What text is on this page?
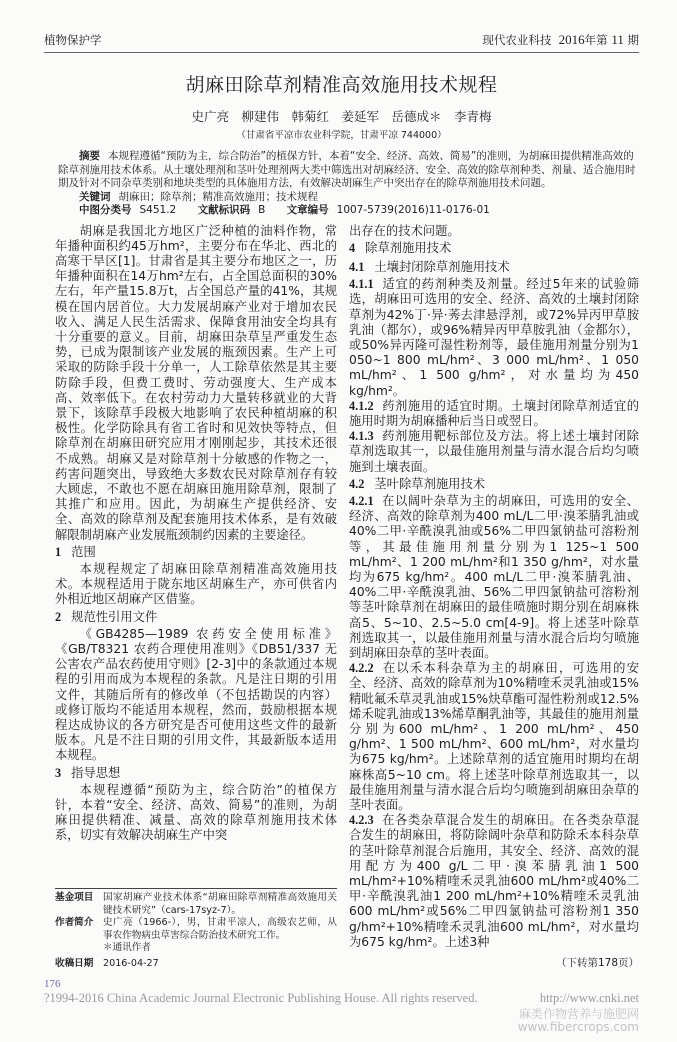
植物保护学	现代农业科技 2016年第 11 期
胡麻田除草剂精准高效施用技术规程
史广亮　柳建伟　韩菊红　姜延军　岳德成＊　李青梅
（甘肃省平凉市农业科学院，甘肃平凉 744000）

摘要 本规程遵循“预防为主，综合防治”的植保方针，本着“安全、经济、高效、简易”的准则，为胡麻田提供精准高效的除草剂施用技术体系。从土壤处理剂和茎叶处理剂两大类中筛选出对胡麻经济、安全、高效的除草剂种类、剂量、适合施用时期及针对不同杂草类别和地块类型的具体施用方法，有效解决胡麻生产中突出存在的除草剂施用技术问题。

关键词 胡麻田；除草剂；精准高效施用；技术规程

中图分类号 S451.2 文献标识码 B 文章编号 1007-5739(2016)11-0176-01

胡麻是我国北方地区广泛种植的油料作物，常年播种面积约45万hm²，主要分布在华北、西北的高寒干旱区[1]。甘肃省是其主要分布地区之一，历年播种面积在14万hm²左右，占全国总面积的30%左右，年产量15.8万t，占全国总产量的41%，其规模在国内居首位。大力发展胡麻产业对于增加农民收入、满足人民生活需求、保障食用油安全均具有十分重要的意义。目前，胡麻田杂草呈严重发生态势，已成为限制该产业发展的瓶颈因素。生产上可采取的防除手段十分单一，人工除草依然是其主要防除手段，但费工费时、劳动强度大、生产成本高、效率低下。在农村劳动力大量转移就业的大背景下，该除草手段极大地影响了农民种植胡麻的积极性。化学防除具有省工省时和见效快等特点，但除草剂在胡麻田研究应用才刚刚起步，其技术还很不成熟。胡麻又是对除草剂十分敏感的作物之一，药害问题突出，导致绝大多数农民对除草剂存有较大顾虑，不敢也不愿在胡麻田施用除草剂，限制了其推广和应用。因此，为胡麻生产提供经济、安全、高效的除草剂及配套施用技术体系，是有效破解限制胡麻产业发展瓶颈制约因素的主要途径。

1 范围

本规程规定了胡麻田除草剂精准高效施用技术。本规程适用于陇东地区胡麻生产，亦可供省内外相近地区胡麻产区借鉴。

2 规范性引用文件

《GB4285—1989 农药安全使用标准》《GB/T8321 农药合理使用准则》《DB51/337 无公害农产品农药使用守则》[2-3]中的条款通过本规程的引用而成为本规程的条款。凡是注日期的引用文件，其随后所有的修改单（不包括勘误的内容）或修订版均不能适用本规程，然而，鼓励根据本规程达成协议的各方研究是否可使用这些文件的最新版本。凡是不注日期的引用文件，其最新版本适用本规程。

3 指导思想

本规程遵循“预防为主，综合防治”的植保方针，本着“安全、经济、高效、简易”的准则，为胡麻田提供精准、减量、高效的除草剂施用技术体系，切实有效解决胡麻生产中突

基金项目	国家胡麻产业技术体系“胡麻田除草剂精准高效施用关键技术研究”（cars-17syz-7）。
作者简介	史广亮（1966-），男，甘肃平凉人，高级农艺师，从事农作物病虫草害综合防治技术研究工作。
＊通讯作者
收稿日期	2016-04-27

出存在的技术问题。

4 除草剂施用技术

4.1 土壤封闭除草剂施用技术

4.1.1 适宜的药剂种类及剂量。经过5年来的试验筛选，胡麻田可选用的安全、经济、高效的土壤封闭除草剂为42%丁·异·莠去津悬浮剂，或72%异丙甲草胺乳油（都尔），或96%精异丙甲草胺乳油（金都尔），或50%异丙隆可湿性粉剂等，最佳施用剂量分别为1 050~1 800 mL/hm²、3 000 mL/hm²、1 050 mL/hm²、1 500 g/hm²，对水量均为450 kg/hm²。

4.1.2 药剂施用的适宜时期。土壤封闭除草剂适宜的施用时期为胡麻播种后当日或翌日。

4.1.3 药剂施用靶标部位及方法。将上述土壤封闭除草剂选取其一，以最佳施用剂量与清水混合后均匀喷施到土壤表面。

4.2 茎叶除草剂施用技术

4.2.1 在以阔叶杂草为主的胡麻田，可选用的安全、经济、高效的除草剂为400 mL/L二甲·溴苯腈乳油或40%二甲·辛酰溴乳油或56%二甲四氯钠盐可溶粉剂等，其最佳施用剂量分别为1 125~1 500 mL/hm²、1 200 mL/hm²和1 350 g/hm²，对水量均为675 kg/hm²。400 mL/L二甲·溴苯腈乳油、40%二甲·辛酰溴乳油、56%二甲四氯钠盐可溶粉剂等茎叶除草剂在胡麻田的最佳喷施时期分别在胡麻株高5、5~10、2.5~5.0 cm[4-9]。将上述茎叶除草剂选取其一，以最佳施用剂量与清水混合后均匀喷施到胡麻田杂草的茎叶表面。

4.2.2 在以禾本科杂草为主的胡麻田，可选用的安全、经济、高效的除草剂为10%精喹禾灵乳油或15%精吡氟禾草灵乳油或15%炔草酯可湿性粉剂或12.5%烯禾啶乳油或13%烯草酮乳油等，其最佳的施用剂量分别为600 mL/hm²、1 200 mL/hm²、450 g/hm²、1 500 mL/hm²、600 mL/hm²，对水量均为675 kg/hm²。上述除草剂的适宜施用时期均在胡麻株高5~10 cm。将上述茎叶除草剂选取其一，以最佳施用剂量与清水混合后均匀喷施到胡麻田杂草的茎叶表面。

4.2.3 在各类杂草混合发生的胡麻田。在各类杂草混合发生的胡麻田，将防除阔叶杂草和防除禾本科杂草的茎叶除草剂混合后施用，其安全、经济、高效的混用配方为400 g/L二甲·溴苯腈乳油1 500 mL/hm²+10%精喹禾灵乳油600 mL/hm²或40%二甲·辛酰溴乳油1 200 mL/hm²+10%精喹禾灵乳油600 mL/hm²或56%二甲四氯钠盐可溶粉剂1 350 g/hm²+10%精喹禾灵乳油600 mL/hm²，对水量均为675 kg/hm²。上述3种

（下转第178页）
176
?1994-2016 China Academic Journal Electronic Publishing House. All rights reserved.	http://www.cnki.net
麻类作物营养与施肥网
www.fibercrops.com
